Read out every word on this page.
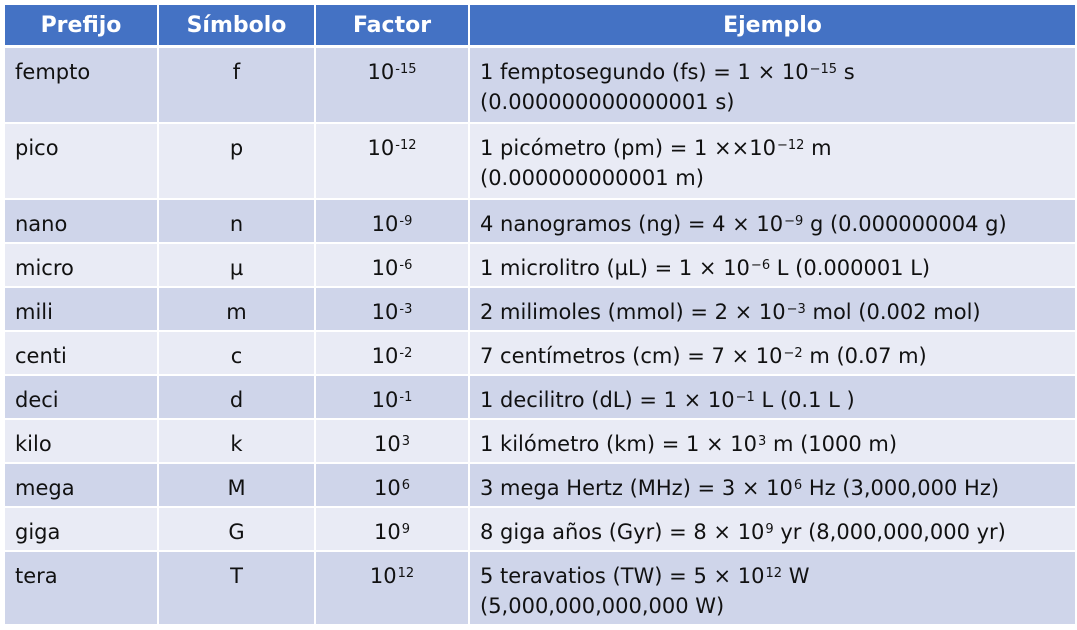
Prefijo	Símbolo	Factor	Ejemplo

fempto	f	$10^{-15}$	1 femptosegundo $(fs) = 1 \times 10^{-15}$ s
(0.000000000000001 s)

pico	p	$10^{-12}$	1 picómetro $(pm) = 1 \times\times 10^{-12}$ m
(0.000000000001 m)

nano	n	$10^{-9}$	4 nanogramos $(ng) = 4 \times 10^{-9}$ g (0.000000004 g)

micro	µ	$10^{-6}$	1 microlitro $(\mu L) = 1 \times 10^{-6}$ L (0.000001 L)

mili	m	$10^{-3}$	2 milimoles (mmol) = $2 \times 10^{-3}$ mol (0.002 mol)

centi	c	$10^{-2}$	7 centímetros $(cm) = 7 \times 10^{-2}$ m (0.07 m)

deci	d	$10^{-1}$	1 decilitro $(dL) = 1 \times 10^{-1}$ L (0.1 L )

kilo	k	$10^3$	1 kilómetro $(km) = 1 \times 10^3$ m (1000 m)

mega	M	$10^6$	3 mega Hertz $(MHz) = 3 \times 10^6$ Hz (3,000,000 Hz)

giga	G	$10^9$	8 giga años $(Gyr) = 8 \times 10^9$ yr (8,000,000,000 yr)

tera	T	$10^{12}$	5 teravatios $(TW) = 5 \times 10^{12}$ W
(5,000,000,000,000 W)
